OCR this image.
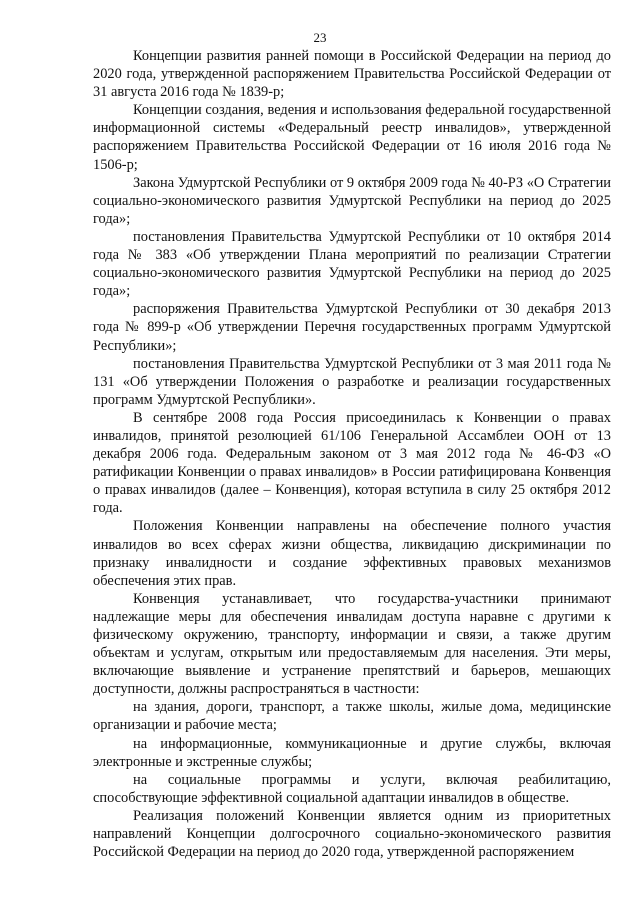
23

Концепции развития ранней помощи в Российской Федерации на период до 2020 года, утвержденной распоряжением Правительства Российской Федерации от 31 августа 2016 года № 1839-р;

Концепции создания, ведения и использования федеральной государственной информационной системы «Федеральный реестр инвалидов», утвержденной распоряжением Правительства Российской Федерации от 16 июля 2016 года № 1506-р;

Закона Удмуртской Республики от 9 октября 2009 года № 40-РЗ «О Стратегии социально-экономического развития Удмуртской Республики на период до 2025 года»;

постановления Правительства Удмуртской Республики от 10 октября 2014 года № 383 «Об утверждении Плана мероприятий по реализации Стратегии социально-экономического развития Удмуртской Республики на период до 2025 года»;

распоряжения Правительства Удмуртской Республики от 30 декабря 2013 года № 899-р «Об утверждении Перечня государственных программ Удмуртской Республики»;

постановления Правительства Удмуртской Республики от 3 мая 2011 года № 131 «Об утверждении Положения о разработке и реализации государственных программ Удмуртской Республики».

В сентябре 2008 года Россия присоединилась к Конвенции о правах инвалидов, принятой резолюцией 61/106 Генеральной Ассамблеи ООН от 13 декабря 2006 года. Федеральным законом от 3 мая 2012 года № 46-ФЗ «О ратификации Конвенции о правах инвалидов» в России ратифицирована Конвенция о правах инвалидов (далее – Конвенция), которая вступила в силу 25 октября 2012 года.

Положения Конвенции направлены на обеспечение полного участия инвалидов во всех сферах жизни общества, ликвидацию дискриминации по признаку инвалидности и создание эффективных правовых механизмов обеспечения этих прав.

Конвенция устанавливает, что государства-участники принимают надлежащие меры для обеспечения инвалидам доступа наравне с другими к физическому окружению, транспорту, информации и связи, а также другим объектам и услугам, открытым или предоставляемым для населения. Эти меры, включающие выявление и устранение препятствий и барьеров, мешающих доступности, должны распространяться в частности:

на здания, дороги, транспорт, а также школы, жилые дома, медицинские организации и рабочие места;

на информационные, коммуникационные и другие службы, включая электронные и экстренные службы;

на социальные программы и услуги, включая реабилитацию, способствующие эффективной социальной адаптации инвалидов в обществе.

Реализация положений Конвенции является одним из приоритетных направлений Концепции долгосрочного социально-экономического развития Российской Федерации на период до 2020 года, утвержденной распоряжением
